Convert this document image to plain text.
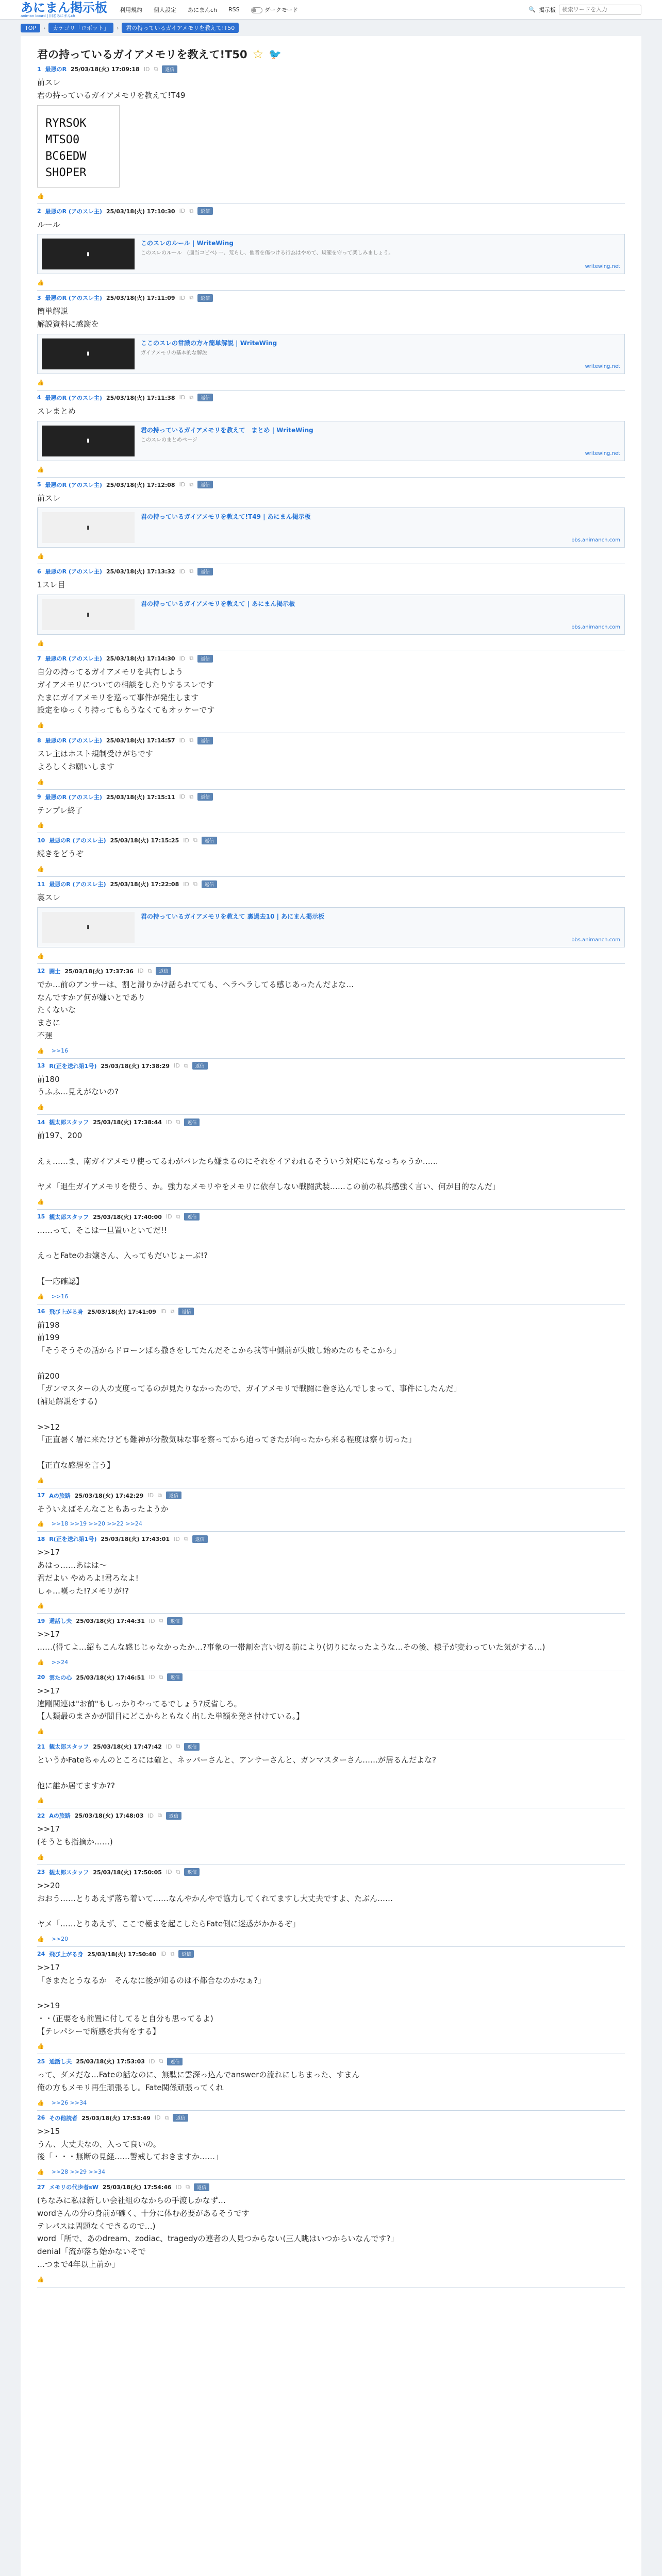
あにまん掲示板
animan board | 旧名あにまんch
利用規約 個人設定 あにまんch RSS	ダークモード	🔍 掲示板
検索ワードを入力
TOP	›	カテゴリ「ロボット」	›	君の持っているガイアメモリを教えて!T50
君の持っているガイアメモリを教えて!T50 ☆ 🐦
1 最悪のR 25/03/18(火) 17:09:18 ID ⧉	返信
前スレ
君の持っているガイアメモリを教えて!T49
RYRSOK
MTSO0
BC6EDW
SHOPER
👍
2 最悪のR (アのスレ主) 25/03/18(火) 17:10:30 ID ⧉	返信
ルール
▮
このスレのルール | WriteWing
このスレのルール　(適当コピペ) 一、荒らし、他者を傷つける行為はやめて、規範を守って楽しみましょう。
writewing.net
👍
3 最悪のR (アのスレ主) 25/03/18(火) 17:11:09 ID ⧉	返信
簡単解説
解説資料に感謝を
▮
ここのスレの常識の方々簡単解説 | WriteWing
ガイアメモリの基本的な解説
writewing.net
👍
4 最悪のR (アのスレ主) 25/03/18(火) 17:11:38 ID ⧉	返信
スレまとめ
▮
君の持っているガイアメモリを教えて　まとめ | WriteWing
このスレのまとめページ
writewing.net
👍
5 最悪のR (アのスレ主) 25/03/18(火) 17:12:08 ID ⧉	返信
前スレ
▮
君の持っているガイアメモリを教えて!T49 | あにまん掲示板
bbs.animanch.com
👍
6 最悪のR (アのスレ主) 25/03/18(火) 17:13:32 ID ⧉	返信
1スレ目
▮
君の持っているガイアメモリを教えて | あにまん掲示板
bbs.animanch.com
👍
7 最悪のR (アのスレ主) 25/03/18(火) 17:14:30 ID ⧉	返信
自分の持ってるガイアメモリを共有しよう
ガイアメモリについての相談をしたりするスレです
たまにガイアメモリを巡って事件が発生します
設定をゆっくり持ってもらうなくてもオッケーです
👍
8 最悪のR (アのスレ主) 25/03/18(火) 17:14:57 ID ⧉	返信
スレ主はホスト規制受けがちです
よろしくお願いします
👍
9 最悪のR (アのスレ主) 25/03/18(火) 17:15:11 ID ⧉	返信
テンプレ終了
👍
10 最悪のR (アのスレ主) 25/03/18(火) 17:15:25 ID ⧉	返信
続きをどうぞ
👍
11 最悪のR (アのスレ主) 25/03/18(火) 17:22:08 ID ⧉	返信
裏スレ
▮
君の持っているガイアメモリを教えて 裏過去10 | あにまん掲示板
bbs.animanch.com
👍
12 闘士 25/03/18(火) 17:37:36 ID ⧉	返信
でか…前のアンサーは、割と滑りかけ話られてても、ヘラヘラしてる感じあったんだよな…
なんですかア何が嫌いとであり
たくないな
まさに
不運
👍 >>16
13 R(正を送れ第1号) 25/03/18(火) 17:38:29 ID ⧉	返信
前180
うふふ…見えがないの?
👍
14 観太郎スタッフ 25/03/18(火) 17:38:44 ID ⧉	返信
前197、200

えぇ……ま、南ガイアメモリ使ってるわがバレたら嫌まるのにそれをイアわれるそういう対応にもなっちゃうか……

ヤメ「退生ガイアメモリを使う、か。強力なメモリやをメモリに依存しない戦闘武装……この前の私兵感強く言い、何が目的なんだ」
👍
15 観太郎スタッフ 25/03/18(火) 17:40:00 ID ⧉	返信
……って、そこは一旦置いといてだ!!

えっとFateのお嬢さん、入ってもだいじょーぶ!?

【一応確認】
👍 >>16
16 飛び上がる身 25/03/18(火) 17:41:09 ID ⧉	返信
前198
前199
「そうそうその話からドローンばら撒きをしてたんだそこから我等中側前が失敗し始めたのもそこから」

前200
「ガンマスターの人の支度ってるのが見たりなかったので、ガイアメモリで戦闘に巻き込んでしまって、事件にしたんだ」
(補足解説をする)

>>12
「正直暑く暑に来たけども難神が分散気味な事を察ってから迫ってきたが向ったから来る程度は察り切った」

【正直な感想を言う】
👍
17 Aの旅路 25/03/18(火) 17:42:29 ID ⧉	返信
そういえばそんなこともあったようか
👍 >>18 >>19 >>20 >>22 >>24
18 R(正を送れ第1号) 25/03/18(火) 17:43:01 ID ⧉	返信
>>17
あはっ……あはは〜
君だよい やめろよ!君ろなよ!
しゃ…嘆った!?メモリが!?
👍
19 通話し夫 25/03/18(火) 17:44:31 ID ⧉	返信
>>17
……(得てよ…紹もこんな感じじゃなかったか…?事象の一帯割を言い切る前により(切りになったような…その後、様子が変わっていた気がする…)
👍 >>24
20 雲たの心 25/03/18(火) 17:46:51 ID ⧉	返信
>>17
違剛関連は"お前"もしっかりやってるでしょう?反省しろ。
【人類最のまさかが間目にどこからともなく出した単額を発さ付けている。】
👍
21 観太郎スタッフ 25/03/18(火) 17:47:42 ID ⧉	返信
というかFateちゃんのところには確と、ネッパーさんと、アンサーさんと、ガンマスターさん……が居るんだよな?

他に誰か居てますか??
👍
22 Aの旅路 25/03/18(火) 17:48:03 ID ⧉	返信
>>17
(そうとも指摘か……)
👍
23 観太郎スタッフ 25/03/18(火) 17:50:05 ID ⧉	返信
>>20
おおう……とりあえず落ち着いて……なんやかんやで協力してくれてますし大丈夫ですよ、たぶん……

ヤメ「……とりあえず、ここで極まを起こしたらFate側に迷惑がかかるぞ」
👍 >>20
24 飛び上がる身 25/03/18(火) 17:50:40 ID ⧉	返信
>>17
「きまたとうなるか　そんなに後が知るのは不都合なのかなぁ?」

>>19
・・(正要をも前置に付してると自分も思ってるよ)
【テレパシーで所感を共有をする】
👍
25 通話し夫 25/03/18(火) 17:53:03 ID ⧉	返信
って、ダメだな…Fateの話なのに、無駄に雲深っ込んでanswerの流れにしちまった、すまん
俺の方もメモリ再生頑張るし。Fate関係頑張ってくれ
👍 >>26 >>34
26 その他読者 25/03/18(火) 17:53:49 ID ⧉	返信
>>15
うん、大丈夫なの、入って良いの。
後「・・・無断の見経……警戒しておきますか……」
👍 >>28 >>29 >>34
27 メモリの代歩者sW 25/03/18(火) 17:54:46 ID ⧉	返信
(ちなみに私は新しい会社組のなからの手渡しかなず…
wordさんの分の身前が確く、十分に体む必要があるそうです
テレパスは問題なくできるので…)
word「所で、あのdream、zodiac、tragedyの連者の人見つからない(三人眺はいつからいなんです?」
denial「流が落ち始かないそで
…つまで4年以上前か」
👍
